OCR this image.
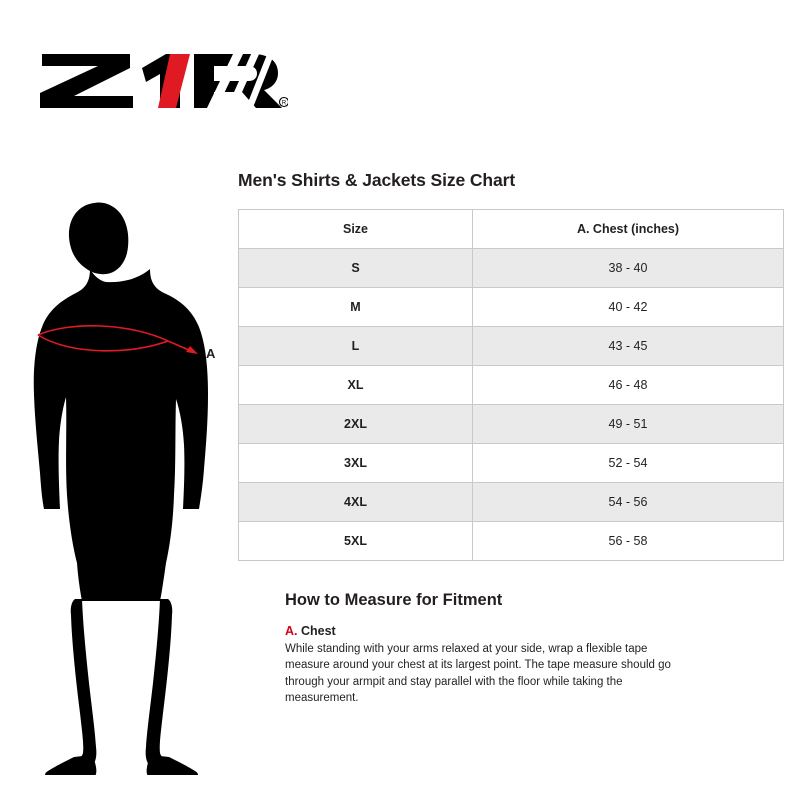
R
A
Men's Shirts & Jackets Size Chart
Size	A. Chest (inches)
S	38 - 40
M	40 - 42
L	43 - 45
XL	46 - 48
2XL	49 - 51
3XL	52 - 54
4XL	54 - 56
5XL	56 - 58
How to Measure for Fitment

A. Chest

While standing with your arms relaxed at your side, wrap a flexible tape measure around your chest at its largest point. The tape measure should go through your armpit and stay parallel with the floor while taking the measurement.
